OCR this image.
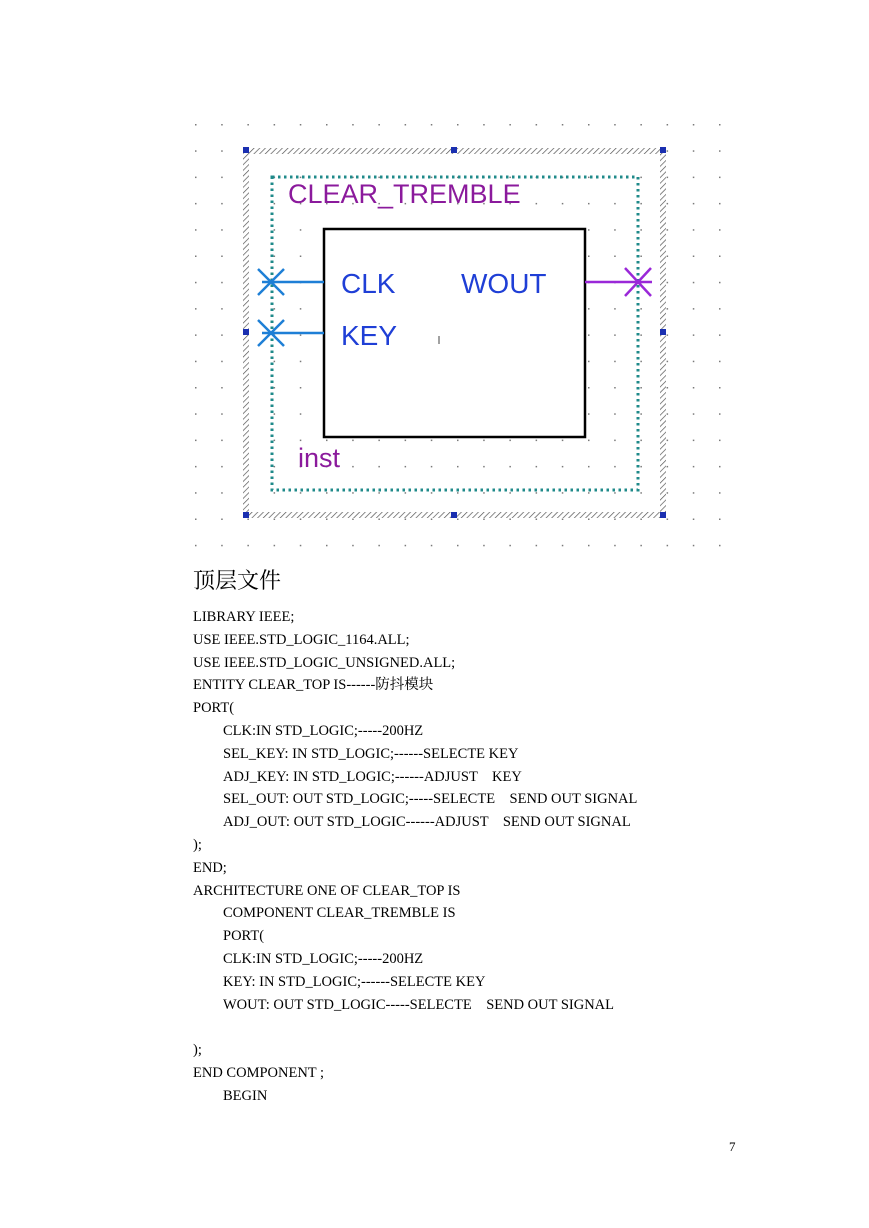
CLEAR_TREMBLE
CLK
KEY
WOUT
inst
顶层文件
LIBRARY IEEE;
USE IEEE.STD_LOGIC_1164.ALL;
USE IEEE.STD_LOGIC_UNSIGNED.ALL;
ENTITY CLEAR_TOP IS------防抖模块
PORT(
CLK:IN STD_LOGIC;-----200HZ
SEL_KEY: IN STD_LOGIC;------SELECTE KEY
ADJ_KEY: IN STD_LOGIC;------ADJUST    KEY
SEL_OUT: OUT STD_LOGIC;-----SELECTE    SEND OUT SIGNAL
ADJ_OUT: OUT STD_LOGIC------ADJUST    SEND OUT SIGNAL
);
END;
ARCHITECTURE ONE OF CLEAR_TOP IS
COMPONENT CLEAR_TREMBLE IS
PORT(
CLK:IN STD_LOGIC;-----200HZ
KEY: IN STD_LOGIC;------SELECTE KEY
WOUT: OUT STD_LOGIC-----SELECTE    SEND OUT SIGNAL

);
END COMPONENT ;
BEGIN
7
